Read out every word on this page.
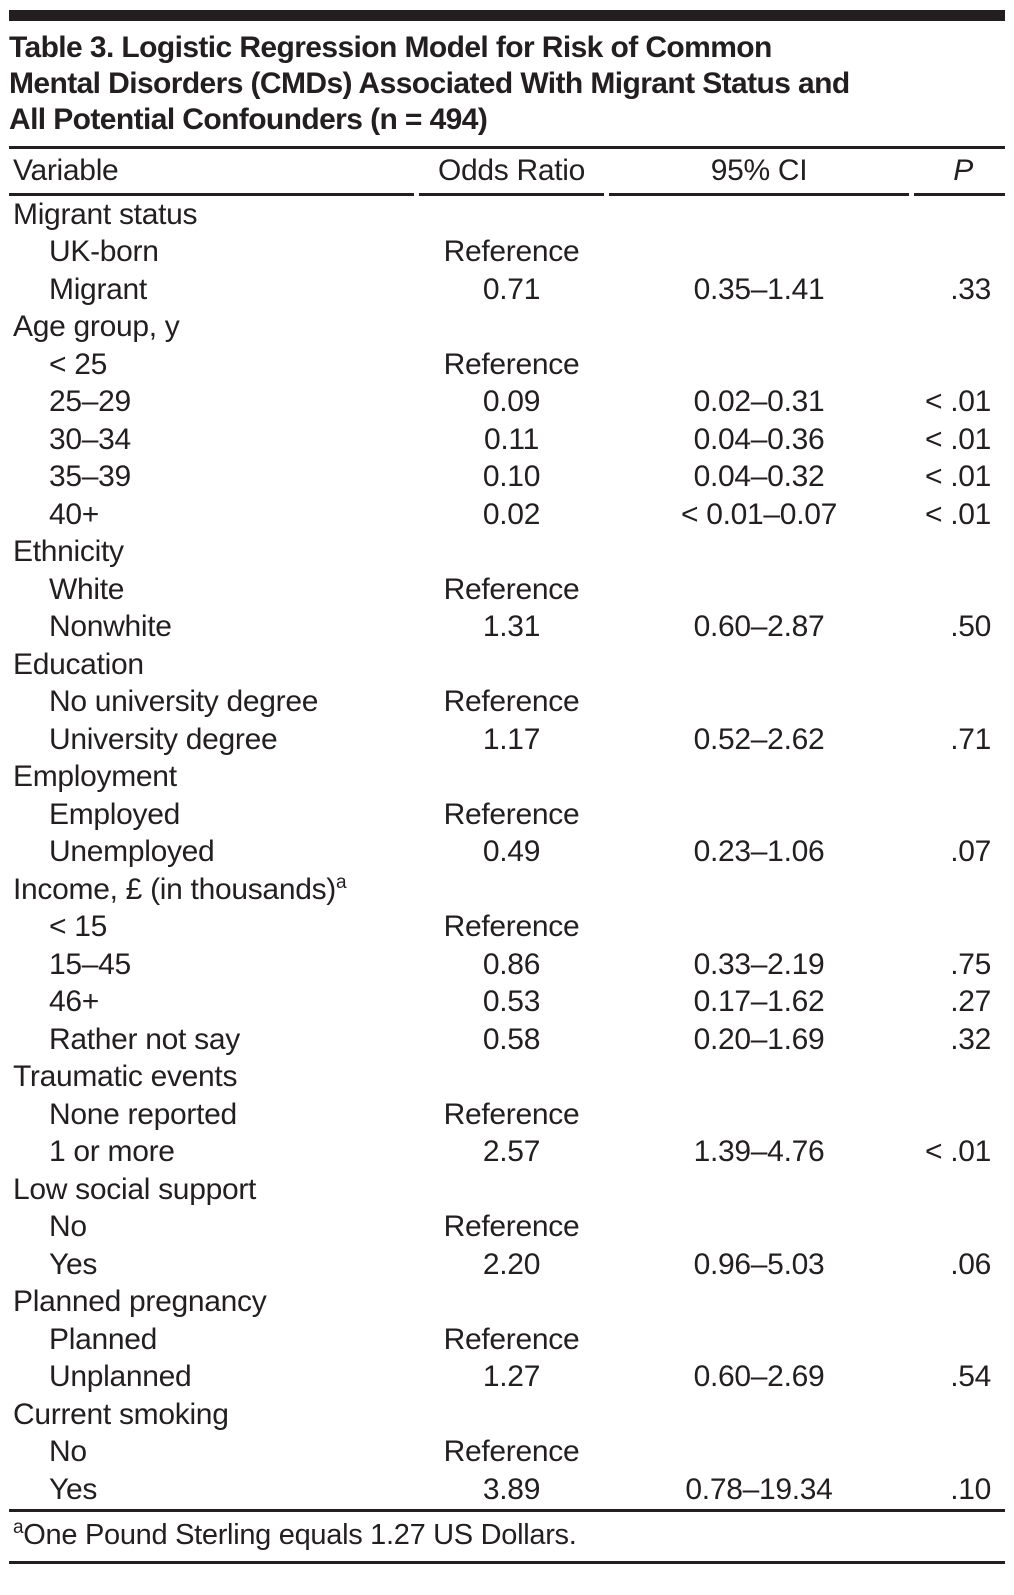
Table 3. Logistic Regression Model for Risk of Common
Mental Disorders (CMDs) Associated With Migrant Status and
All Potential Confounders (n = 494)
Variable	Odds Ratio	95% CI	P
Migrant status			
UK-born	Reference		
Migrant	0.71	0.35–1.41	.33
Age group, y			
< 25	Reference		
25–29	0.09	0.02–0.31	< .01
30–34	0.11	0.04–0.36	< .01
35–39	0.10	0.04–0.32	< .01
40+	0.02	< 0.01–0.07	< .01
Ethnicity			
White	Reference		
Nonwhite	1.31	0.60–2.87	.50
Education			
No university degree	Reference		
University degree	1.17	0.52–2.62	.71
Employment			
Employed	Reference		
Unemployed	0.49	0.23–1.06	.07
Income, £ (in thousands)$^a$			
< 15	Reference		
15–45	0.86	0.33–2.19	.75
46+	0.53	0.17–1.62	.27
Rather not say	0.58	0.20–1.69	.32
Traumatic events			
None reported	Reference		
1 or more	2.57	1.39–4.76	< .01
Low social support			
No	Reference		
Yes	2.20	0.96–5.03	.06
Planned pregnancy			
Planned	Reference		
Unplanned	1.27	0.60–2.69	.54
Current smoking			
No	Reference		
Yes	3.89	0.78–19.34	.10

$^a$One Pound Sterling equals 1.27 US Dollars.
